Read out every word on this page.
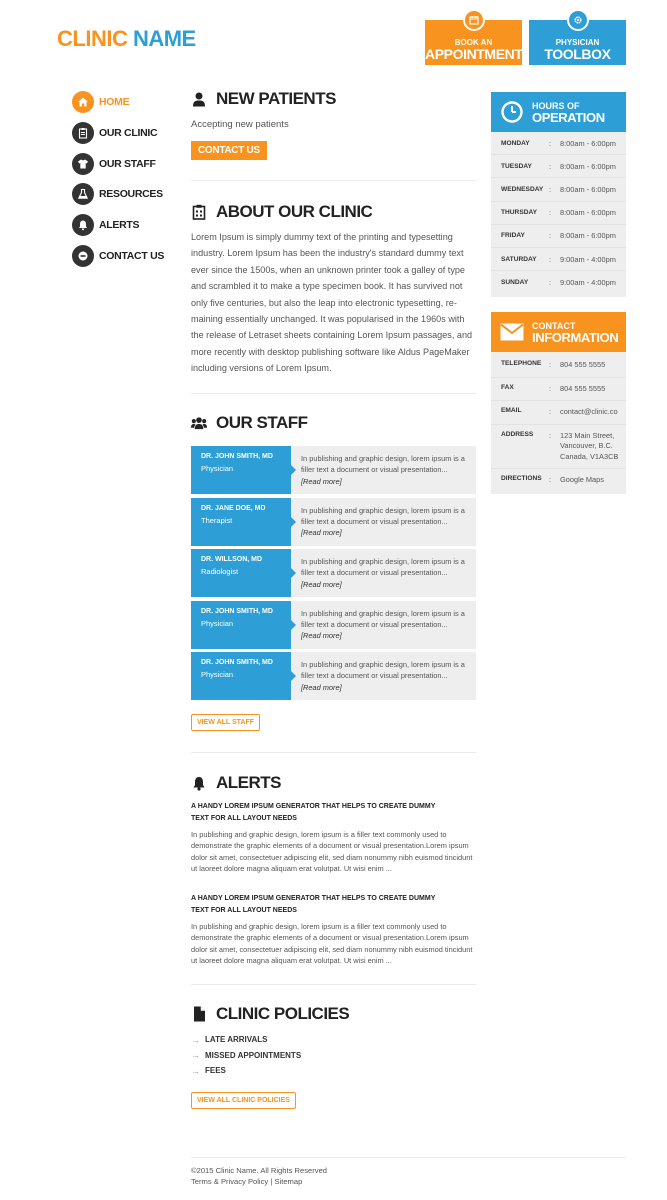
CLINIC NAME	BOOK AN
APPOINTMENT
PHYSICIAN
TOOLBOX
HOME
OUR CLINIC
OUR STAFF
RESOURCES
ALERTS
CONTACT US
NEW PATIENTS
Accepting new patients
CONTACT US
ABOUT OUR CLINIC
Lorem Ipsum is simply dummy text of the printing and typesetting industry. Lorem Ipsum has been the industry's standard dummy text ever since the 1500s, when an unknown printer took a galley of type and scrambled it to make a type specimen book. It has survived not only five centuries, but also the leap into electronic typesetting, re-maining essentially unchanged. It was popularised in the 1960s with the release of Letraset sheets containing Lorem Ipsum passages, and more recently with desktop publishing software like Aldus PageMaker including versions of Lorem Ipsum.
OUR STAFF
DR. JOHN SMITH, MD
Physician
In publishing and graphic design, lorem ipsum is a filler text a document or visual presentation...
[Read more]
DR. JANE DOE, MD
Therapist
In publishing and graphic design, lorem ipsum is a filler text a document or visual presentation...
[Read more]
DR. WILLSON, MD
Radiologist
In publishing and graphic design, lorem ipsum is a filler text a document or visual presentation...
[Read more]
DR. JOHN SMITH, MD
Physician
In publishing and graphic design, lorem ipsum is a filler text a document or visual presentation...
[Read more]
DR. JOHN SMITH, MD
Physician
In publishing and graphic design, lorem ipsum is a filler text a document or visual presentation...
[Read more]
VIEW ALL STAFF
ALERTS
A HANDY LOREM IPSUM GENERATOR THAT HELPS TO CREATE DUMMY TEXT FOR ALL LAYOUT NEEDS
In publishing and graphic design, lorem ipsum is a filler text commonly used to demonstrate the graphic elements of a document or visual presentation.Lorem ipsum dolor sit amet, consectetuer adipiscing elit, sed diam nonummy nibh euismod tincidunt ut laoreet dolore magna aliquam erat volutpat. Ut wisi enim ...
A HANDY LOREM IPSUM GENERATOR THAT HELPS TO CREATE DUMMY TEXT FOR ALL LAYOUT NEEDS
In publishing and graphic design, lorem ipsum is a filler text commonly used to demonstrate the graphic elements of a document or visual presentation.Lorem ipsum dolor sit amet, consectetuer adipiscing elit, sed diam nonummy nibh euismod tincidunt ut laoreet dolore magna aliquam erat volutpat. Ut wisi enim ...
CLINIC POLICIES
→ LATE ARRIVALS
→ MISSED APPOINTMENTS
→ FEES
VIEW ALL CLINIC POLICIES
HOURS OF
OPERATION
MONDAY	:	8:00am - 6:00pm
TUESDAY	:	8:00am - 6:00pm
WEDNESDAY :	8:00am - 6:00pm
THURSDAY	:	8:00am - 6:00pm
FRIDAY	:	8:00am - 6:00pm
SATURDAY	:	9:00am - 4:00pm
SUNDAY	:	9:00am - 4:00pm
CONTACT
INFORMATION
TELEPHONE	:	804 555 5555
FAX	:	804 555 5555
EMAIL	:	contact@clinic.co
ADDRESS	:	123 Main Street,
Vancouver, B.C.
Canada, V1A3CB
DIRECTIONS :	Google Maps
©2015 Clinic Name. All Rights Reserved
Terms & Privacy Policy | Sitemap
